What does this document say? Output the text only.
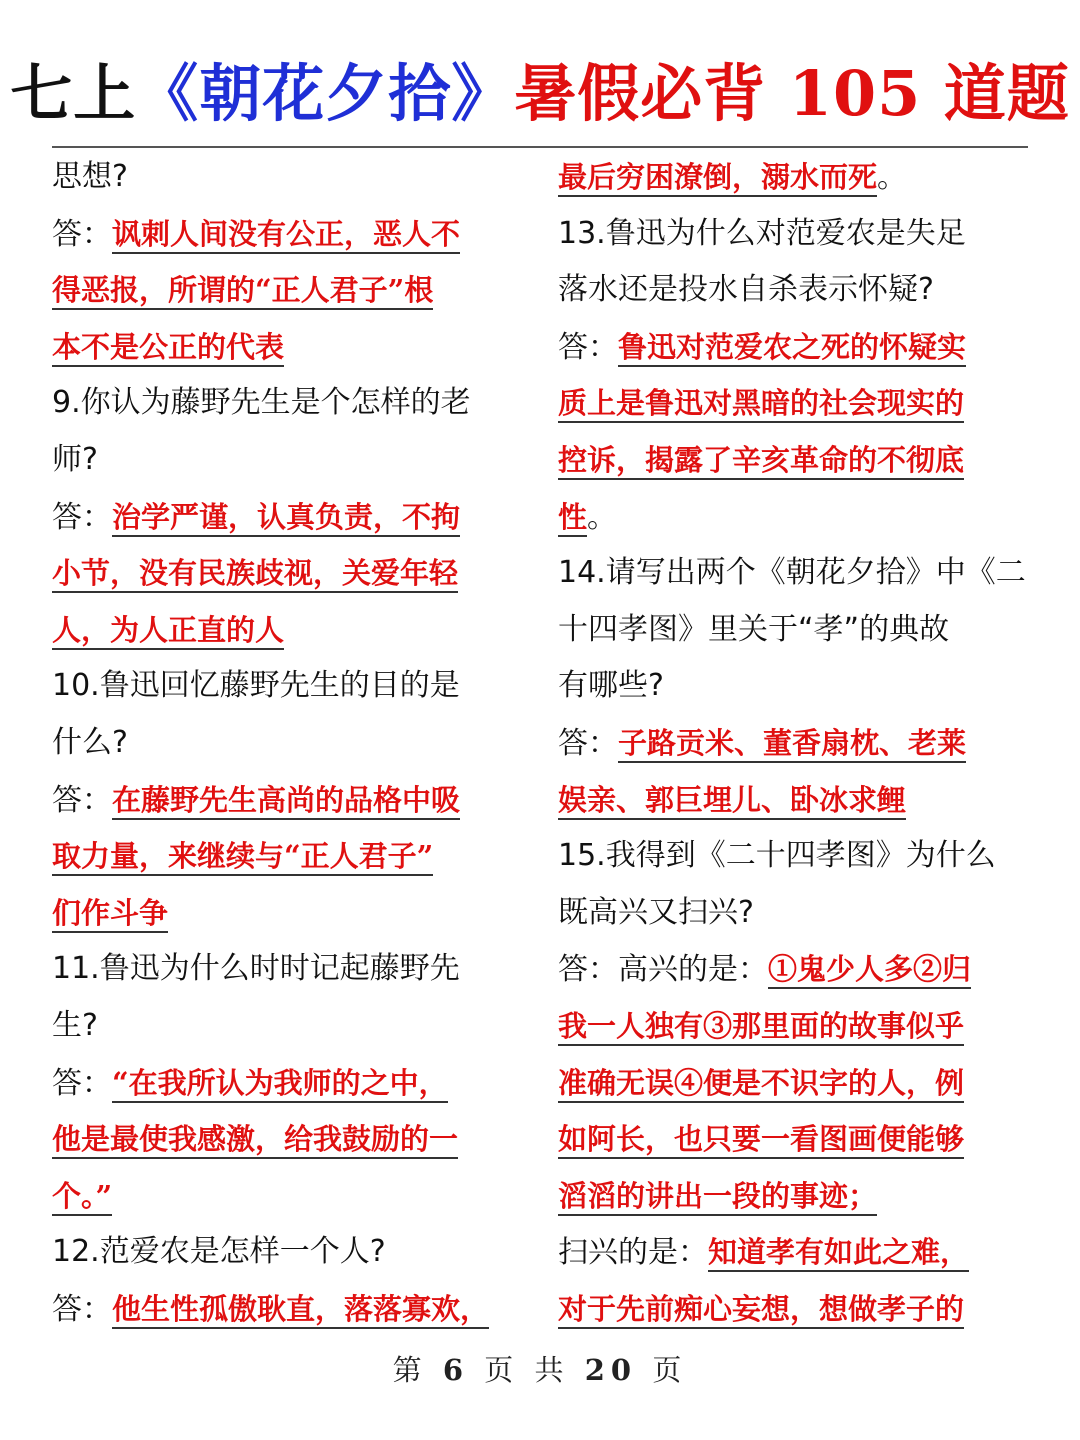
七上《朝花夕拾》暑假必背 105 道题
思想?
答：讽刺人间没有公正，恶人不
得恶报，所谓的“正人君子”根
本不是公正的代表
9.你认为藤野先生是个怎样的老
师?
答：治学严谨，认真负责，不拘
小节，没有民族歧视，关爱年轻
人，为人正直的人
10.鲁迅回忆藤野先生的目的是
什么?
答：在藤野先生高尚的品格中吸
取力量，来继续与“正人君子”
们作斗争
11.鲁迅为什么时时记起藤野先
生?
答：“在我所认为我师的之中，
他是最使我感激，给我鼓励的一
个。”
12.范爱农是怎样一个人?
答：他生性孤傲耿直，落落寡欢，
最后穷困潦倒，溺水而死。
13.鲁迅为什么对范爱农是失足
落水还是投水自杀表示怀疑?
答：鲁迅对范爱农之死的怀疑实
质上是鲁迅对黑暗的社会现实的
控诉，揭露了辛亥革命的不彻底
性。
14.请写出两个《朝花夕拾》中《二
十四孝图》里关于“孝”的典故
有哪些?
答：子路贡米、董香扇枕、老莱
娱亲、郭巨埋儿、卧冰求鲤
15.我得到《二十四孝图》为什么
既高兴又扫兴?
答：高兴的是：①鬼少人多②归
我一人独有③那里面的故事似乎
准确无误④便是不识字的人，例
如阿长，也只要一看图画便能够
滔滔的讲出一段的事迹；
扫兴的是：知道孝有如此之难，
对于先前痴心妄想，想做孝子的
第 6 页 共 20 页
